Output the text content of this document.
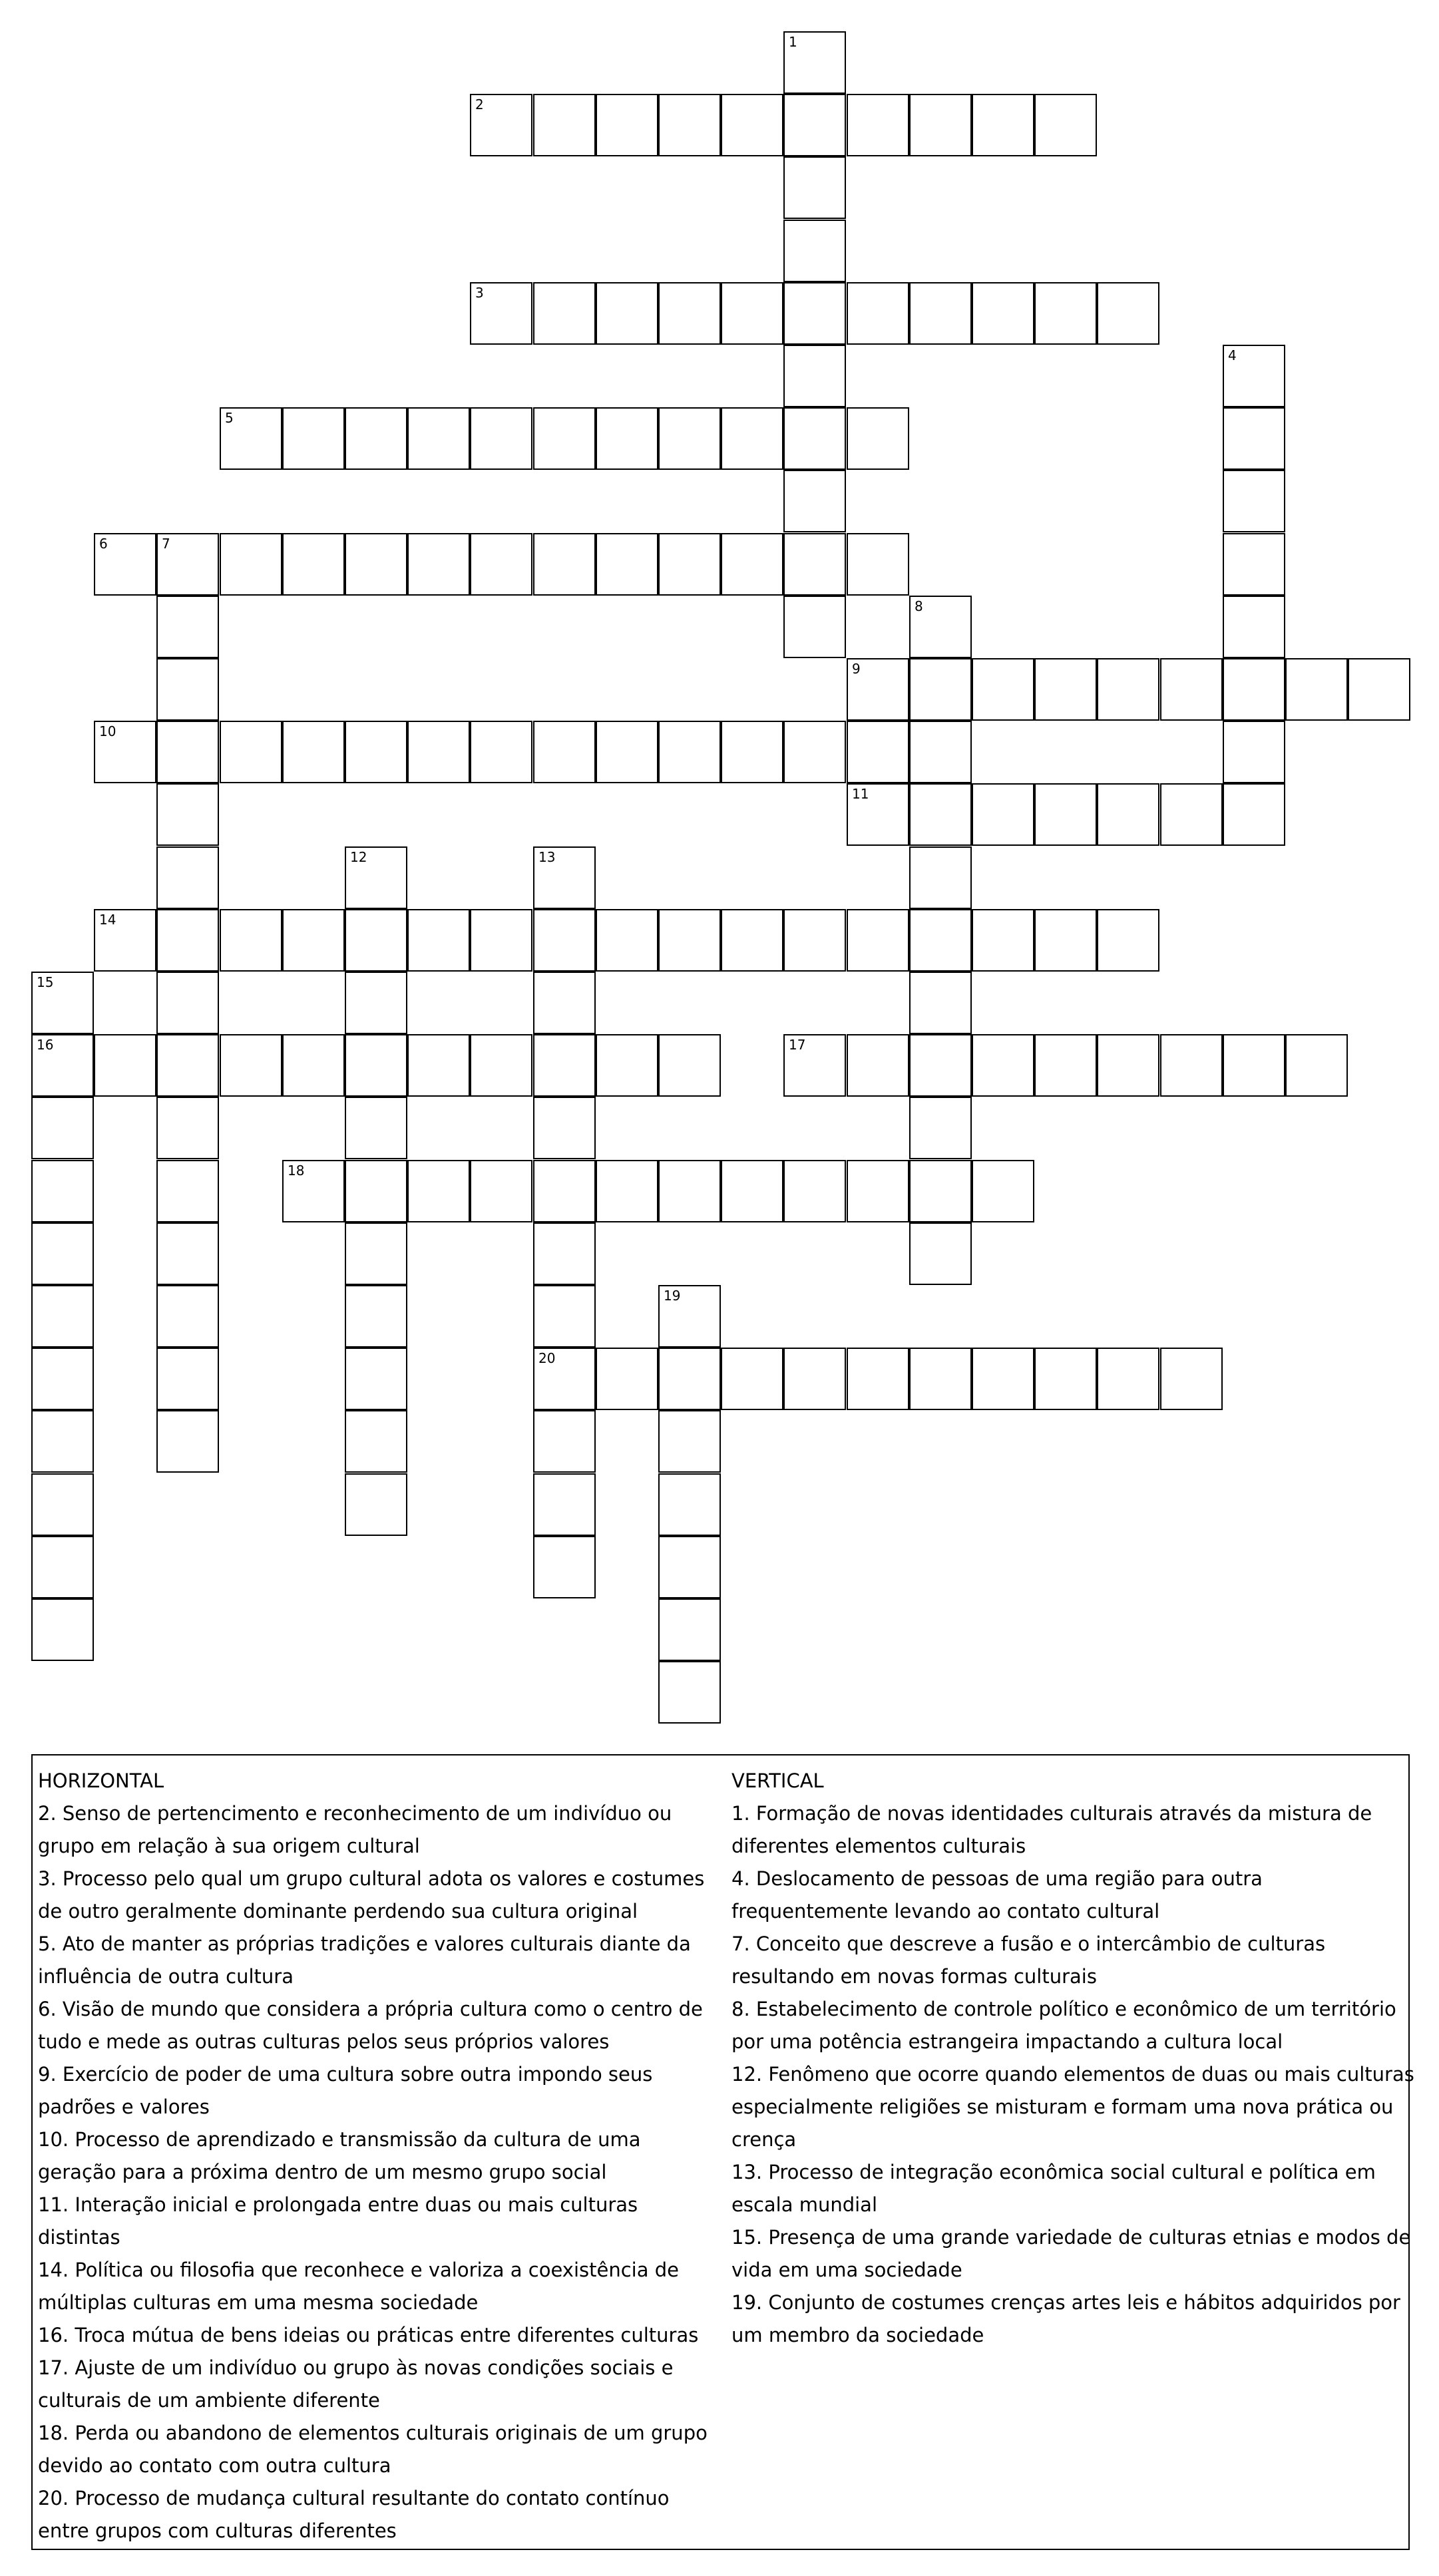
1
2
3
4
5
6	7
8
9
10
11
12	13
20
14
15
16	17
18
19
HORIZONTAL
2. Senso de pertencimento e reconhecimento de um indivíduo ou grupo em relação à sua origem cultural
3. Processo pelo qual um grupo cultural adota os valores e costumes de outro geralmente dominante perdendo sua cultura original
5. Ato de manter as próprias tradições e valores culturais diante da influência de outra cultura
6. Visão de mundo que considera a própria cultura como o centro de tudo e mede as outras culturas pelos seus próprios valores
9. Exercício de poder de uma cultura sobre outra impondo seus padrões e valores
10. Processo de aprendizado e transmissão da cultura de uma geração para a próxima dentro de um mesmo grupo social
11. Interação inicial e prolongada entre duas ou mais culturas distintas
14. Política ou filosofia que reconhece e valoriza a coexistência de múltiplas culturas em uma mesma sociedade
16. Troca mútua de bens ideias ou práticas entre diferentes culturas
17. Ajuste de um indivíduo ou grupo às novas condições sociais e culturais de um ambiente diferente
18. Perda ou abandono de elementos culturais originais de um grupo devido ao contato com outra cultura
20. Processo de mudança cultural resultante do contato contínuo entre grupos com culturas diferentes
VERTICAL
1. Formação de novas identidades culturais através da mistura de diferentes elementos culturais
4. Deslocamento de pessoas de uma região para outra frequentemente levando ao contato cultural
7. Conceito que descreve a fusão e o intercâmbio de culturas resultando em novas formas culturais
8. Estabelecimento de controle político e econômico de um território por uma potência estrangeira impactando a cultura local
12. Fenômeno que ocorre quando elementos de duas ou mais culturas especialmente religiões se misturam e formam uma nova prática ou crença
13. Processo de integração econômica social cultural e política em escala mundial
15. Presença de uma grande variedade de culturas etnias e modos de vida em uma sociedade
19. Conjunto de costumes crenças artes leis e hábitos adquiridos por um membro da sociedade
